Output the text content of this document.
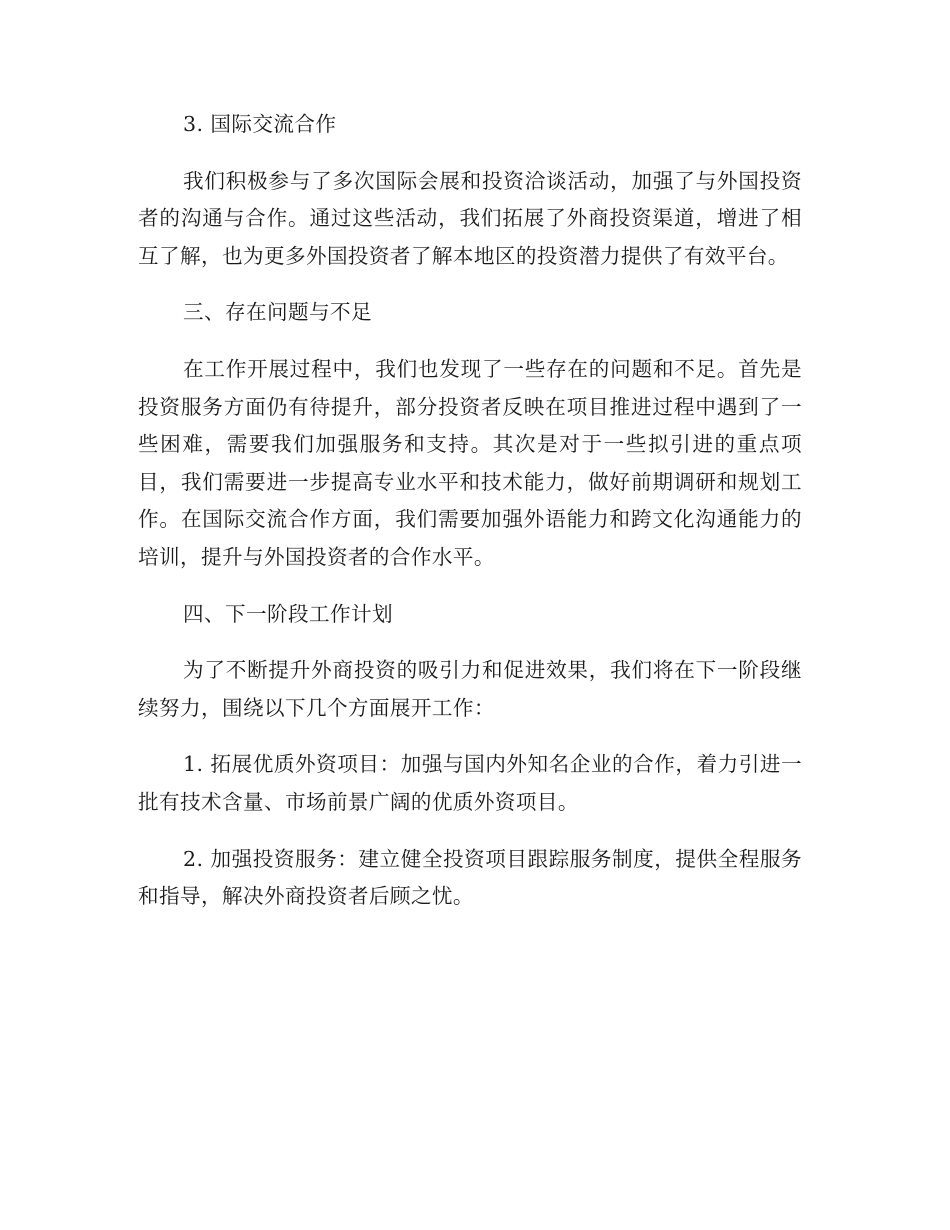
3. 国际交流合作

我们积极参与了多次国际会展和投资洽谈活动，加强了与外国投资者的沟通与合作。通过这些活动，我们拓展了外商投资渠道，增进了相互了解，也为更多外国投资者了解本地区的投资潜力提供了有效平台。

三、存在问题与不足

在工作开展过程中，我们也发现了一些存在的问题和不足。首先是投资服务方面仍有待提升，部分投资者反映在项目推进过程中遇到了一些困难，需要我们加强服务和支持。其次是对于一些拟引进的重点项目，我们需要进一步提高专业水平和技术能力，做好前期调研和规划工作。在国际交流合作方面，我们需要加强外语能力和跨文化沟通能力的培训，提升与外国投资者的合作水平。

四、下一阶段工作计划

为了不断提升外商投资的吸引力和促进效果，我们将在下一阶段继续努力，围绕以下几个方面展开工作：

1. 拓展优质外资项目：加强与国内外知名企业的合作，着力引进一批有技术含量、市场前景广阔的优质外资项目。

2. 加强投资服务：建立健全投资项目跟踪服务制度，提供全程服务和指导，解决外商投资者后顾之忧。
